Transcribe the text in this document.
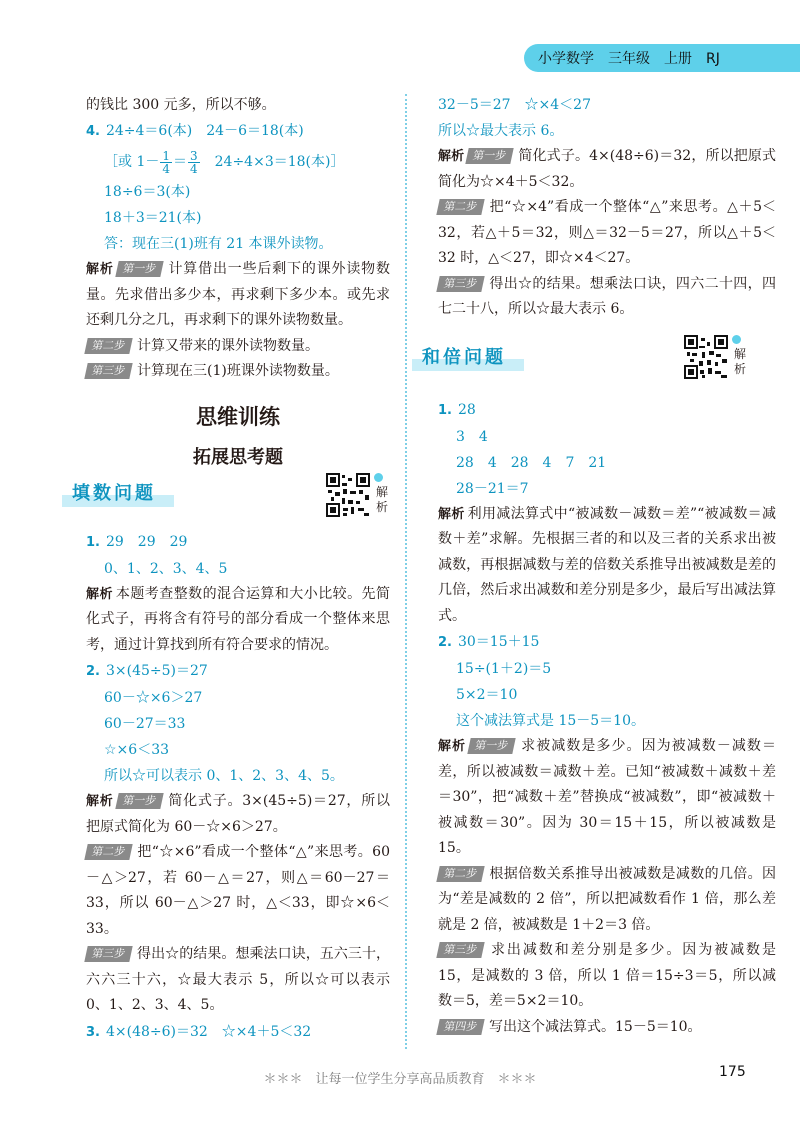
小学数学　三年级　上册　RJ
的钱比 300 元多，所以不够。
4. 24÷4＝6(本)　24－6＝18(本)
［或 $1- \frac{1}{4} = \frac{3}{4}$ 　24÷4×3＝18(本)］
18÷6＝3(本)
18＋3＝21(本)
答：现在三(1)班有 21 本课外读物。
解析 第一步 计算借出一些后剩下的课外读物数量。先求借出多少本，再求剩下多少本。或先求还剩几分之几，再求剩下的课外读物数量。
第二步 计算又带来的课外读物数量。
第三步 计算现在三(1)班课外读物数量。
思维训练
拓展思考题
填数问题	解析
1. 29　29　29
0、1、2、3、4、5
解析 本题考查整数的混合运算和大小比较。先简化式子，再将含有符号的部分看成一个整体来思考，通过计算找到所有符合要求的情况。
2. 3×(45÷5)＝27
60－☆×6＞27
60－27＝33
☆×6＜33
所以☆可以表示 0、1、2、3、4、5。
解析 第一步 简化式子。3×(45÷5)＝27，所以把原式简化为 60－☆×6＞27。
第二步 把“☆×6”看成一个整体“△”来思考。60－△＞27，若 60－△＝27，则△＝60－27＝33，所以 60－△＞27 时，△＜33，即☆×6＜33。
第三步 得出☆的结果。想乘法口诀，五六三十，六六三十六，☆最大表示 5，所以☆可以表示 0、1、2、3、4、5。
3. 4×(48÷6)＝32　☆×4＋5＜32
32－5＝27　☆×4＜27
所以☆最大表示 6。
解析 第一步 简化式子。4×(48÷6)＝32，所以把原式简化为☆×4＋5＜32。
第二步 把“☆×4”看成一个整体“△”来思考。△＋5＜32，若△＋5＝32，则△＝32－5＝27，所以△＋5＜32 时，△＜27，即☆×4＜27。
第三步 得出☆的结果。想乘法口诀，四六二十四，四七二十八，所以☆最大表示 6。
和倍问题	解析
1. 28
3　4
28　4　28　4　7　21
28－21＝7
解析 利用减法算式中“被减数－减数＝差”“被减数＝减数＋差”求解。先根据三者的和以及三者的关系求出被减数，再根据减数与差的倍数关系推导出被减数是差的几倍，然后求出减数和差分别是多少，最后写出减法算式。
2. 30＝15＋15
15÷(1＋2)＝5
5×2＝10
这个减法算式是 15－5＝10。
解析 第一步 求被减数是多少。因为被减数－减数＝差，所以被减数＝减数＋差。已知“被减数＋减数＋差＝30”，把“减数＋差”替换成“被减数”，即“被减数＋被减数＝30”。因为 30＝15＋15，所以被减数是 15。
第二步 根据倍数关系推导出被减数是减数的几倍。因为“差是减数的 2 倍”，所以把减数看作 1 倍，那么差就是 2 倍，被减数是 1＋2＝3 倍。
第三步 求出减数和差分别是多少。因为被减数是 15，是减数的 3 倍，所以 1 倍＝15÷3＝5，所以减数＝5，差＝5×2＝10。
第四步 写出这个减法算式。15－5＝10。
＊＊＊　让每一位学生分享高品质教育　＊＊＊	175
